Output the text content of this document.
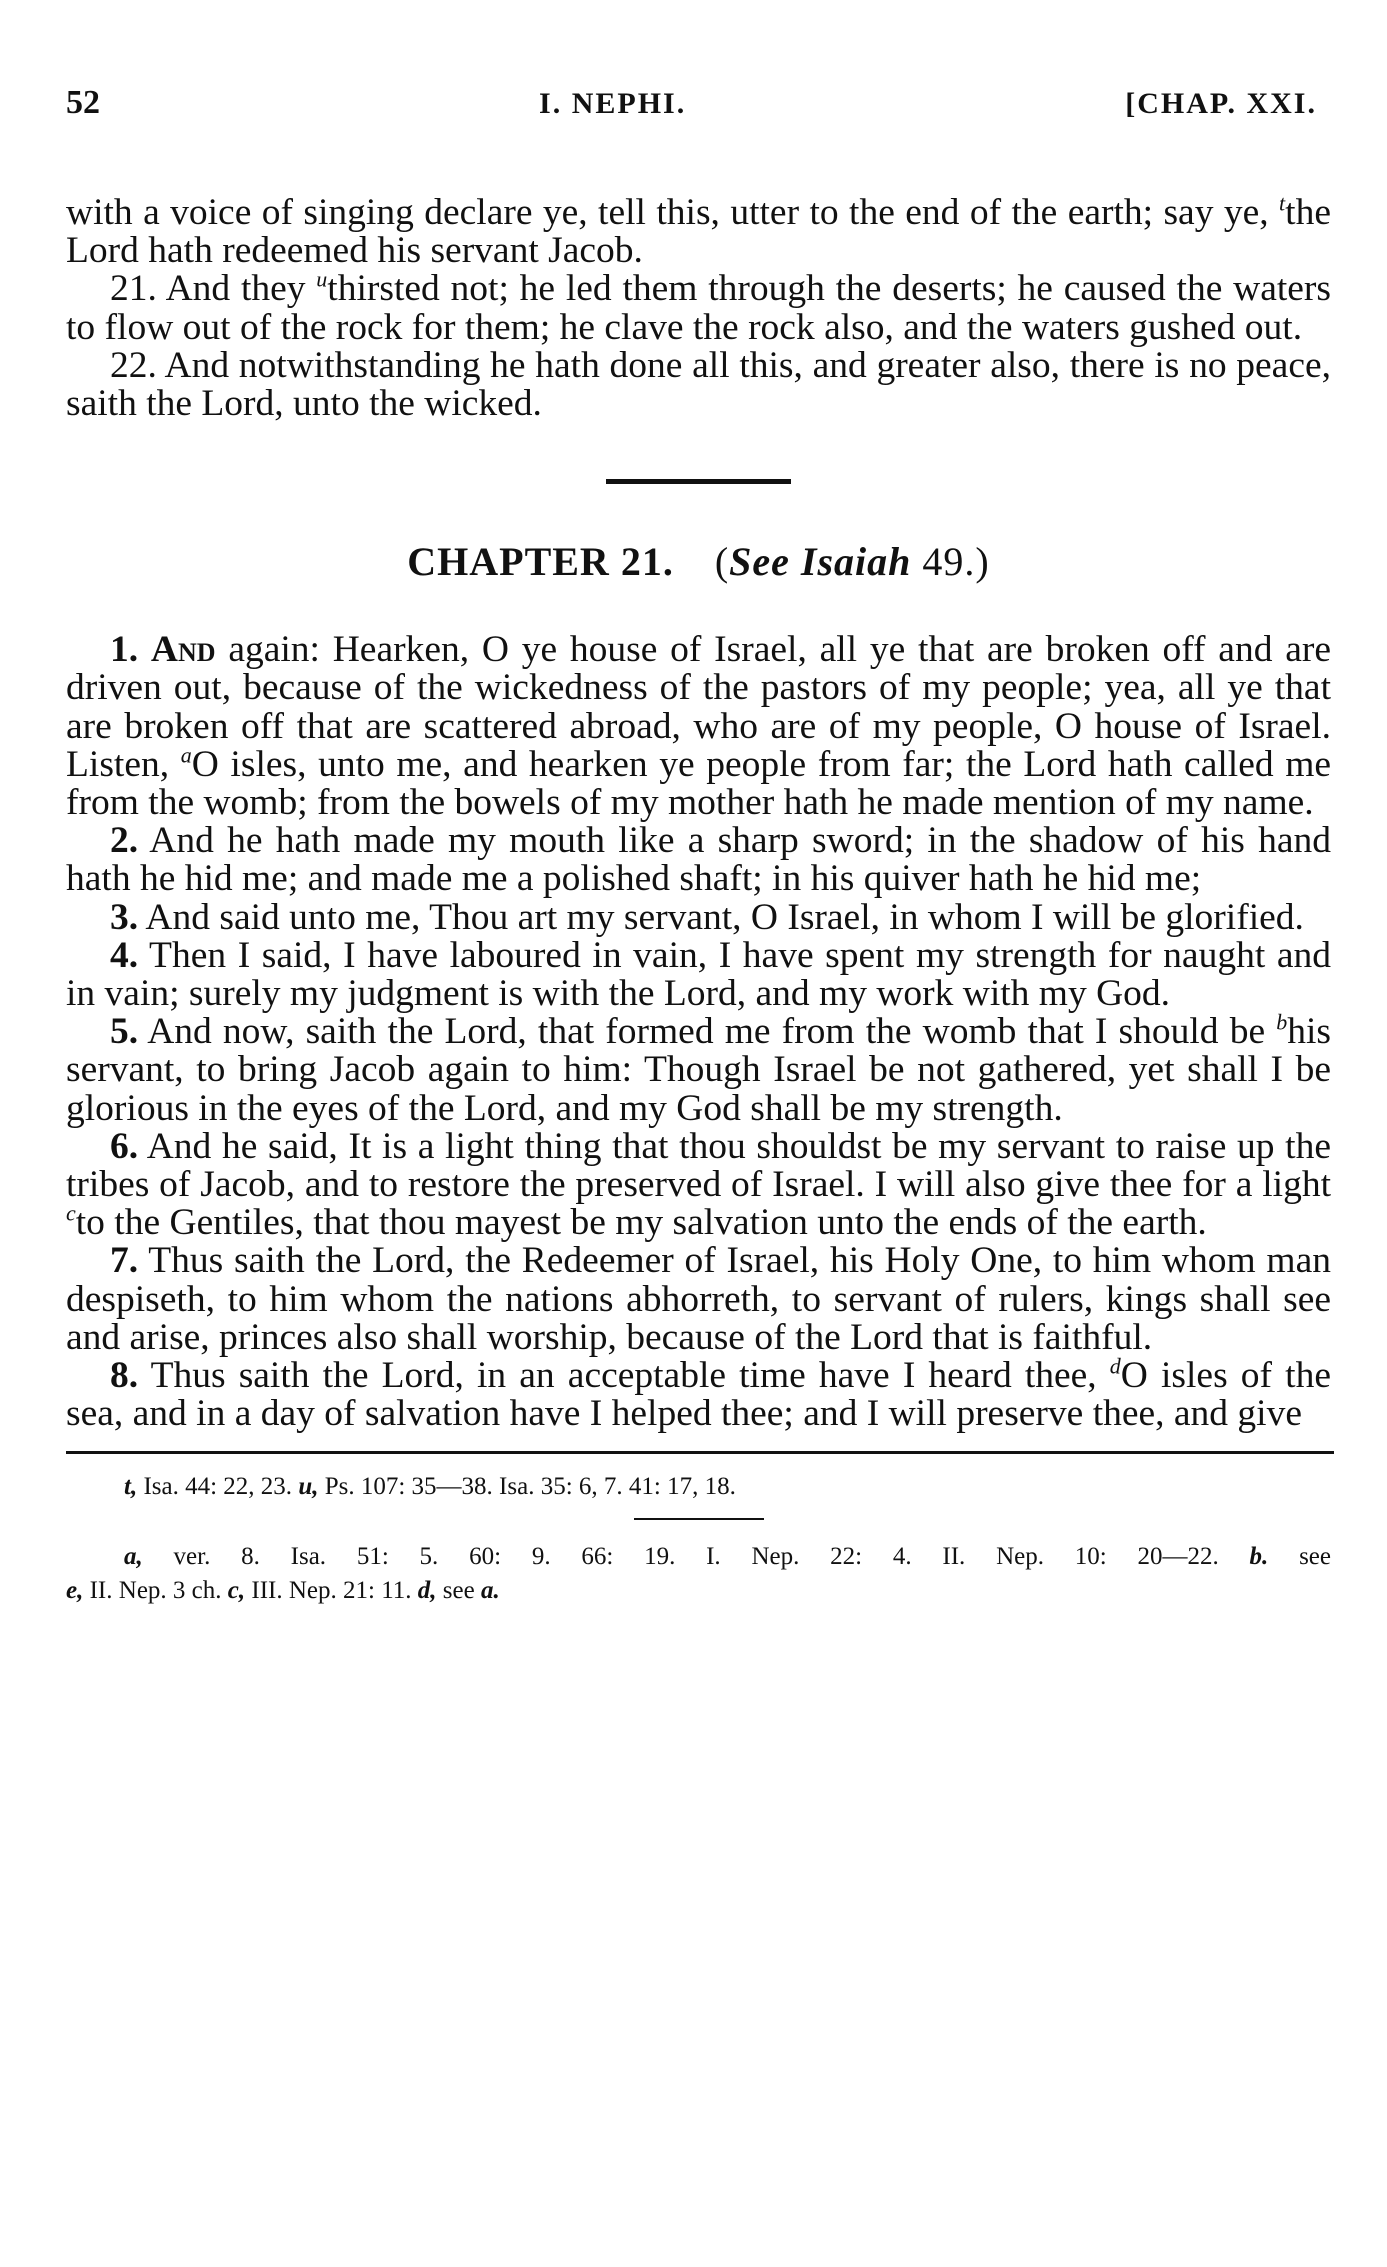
52	I. NEPHI.	[CHAP. XXI.

with a voice of singing declare ye, tell this, utter to the end of the earth; say ye, $^t$the Lord hath redeemed his servant Jacob.

21. And they $^u$thirsted not; he led them through the deserts; he caused the waters to flow out of the rock for them; he clave the rock also, and the waters gushed out.

22. And notwithstanding he hath done all this, and greater also, there is no peace, saith the Lord, unto the wicked.

CHAPTER 21. (See Isaiah 49.)

1. And again: Hearken, O ye house of Israel, all ye that are broken off and are driven out, because of the wickedness of the pastors of my people; yea, all ye that are broken off that are scattered abroad, who are of my people, O house of Israel. Listen, $^a$O isles, unto me, and hearken ye people from far; the Lord hath called me from the womb; from the bowels of my mother hath he made mention of my name.

2. And he hath made my mouth like a sharp sword; in the shadow of his hand hath he hid me; and made me a polished shaft; in his quiver hath he hid me;

3. And said unto me, Thou art my servant, O Israel, in whom I will be glorified.

4. Then I said, I have laboured in vain, I have spent my strength for naught and in vain; surely my judgment is with the Lord, and my work with my God.

5. And now, saith the Lord, that formed me from the womb that I should be $^b$his servant, to bring Jacob again to him: Though Israel be not gathered, yet shall I be glorious in the eyes of the Lord, and my God shall be my strength.

6. And he said, It is a light thing that thou shouldst be my servant to raise up the tribes of Jacob, and to restore the preserved of Israel. I will also give thee for a light $^c$to the Gentiles, that thou mayest be my salvation unto the ends of the earth.

7. Thus saith the Lord, the Redeemer of Israel, his Holy One, to him whom man despiseth, to him whom the nations abhorreth, to servant of rulers, kings shall see and arise, princes also shall worship, because of the Lord that is faithful.

8. Thus saith the Lord, in an acceptable time have I heard thee, $^d$O isles of the sea, and in a day of salvation have I helped thee; and I will preserve thee, and give

t, Isa. 44: 22, 23. u, Ps. 107: 35—38. Isa. 35: 6, 7. 41: 17, 18.
a, ver. 8. Isa. 51: 5. 60: 9. 66: 19. I. Nep. 22: 4. II. Nep. 10: 20—22. b. see
e, II. Nep. 3 ch. c, III. Nep. 21: 11. d, see a.
